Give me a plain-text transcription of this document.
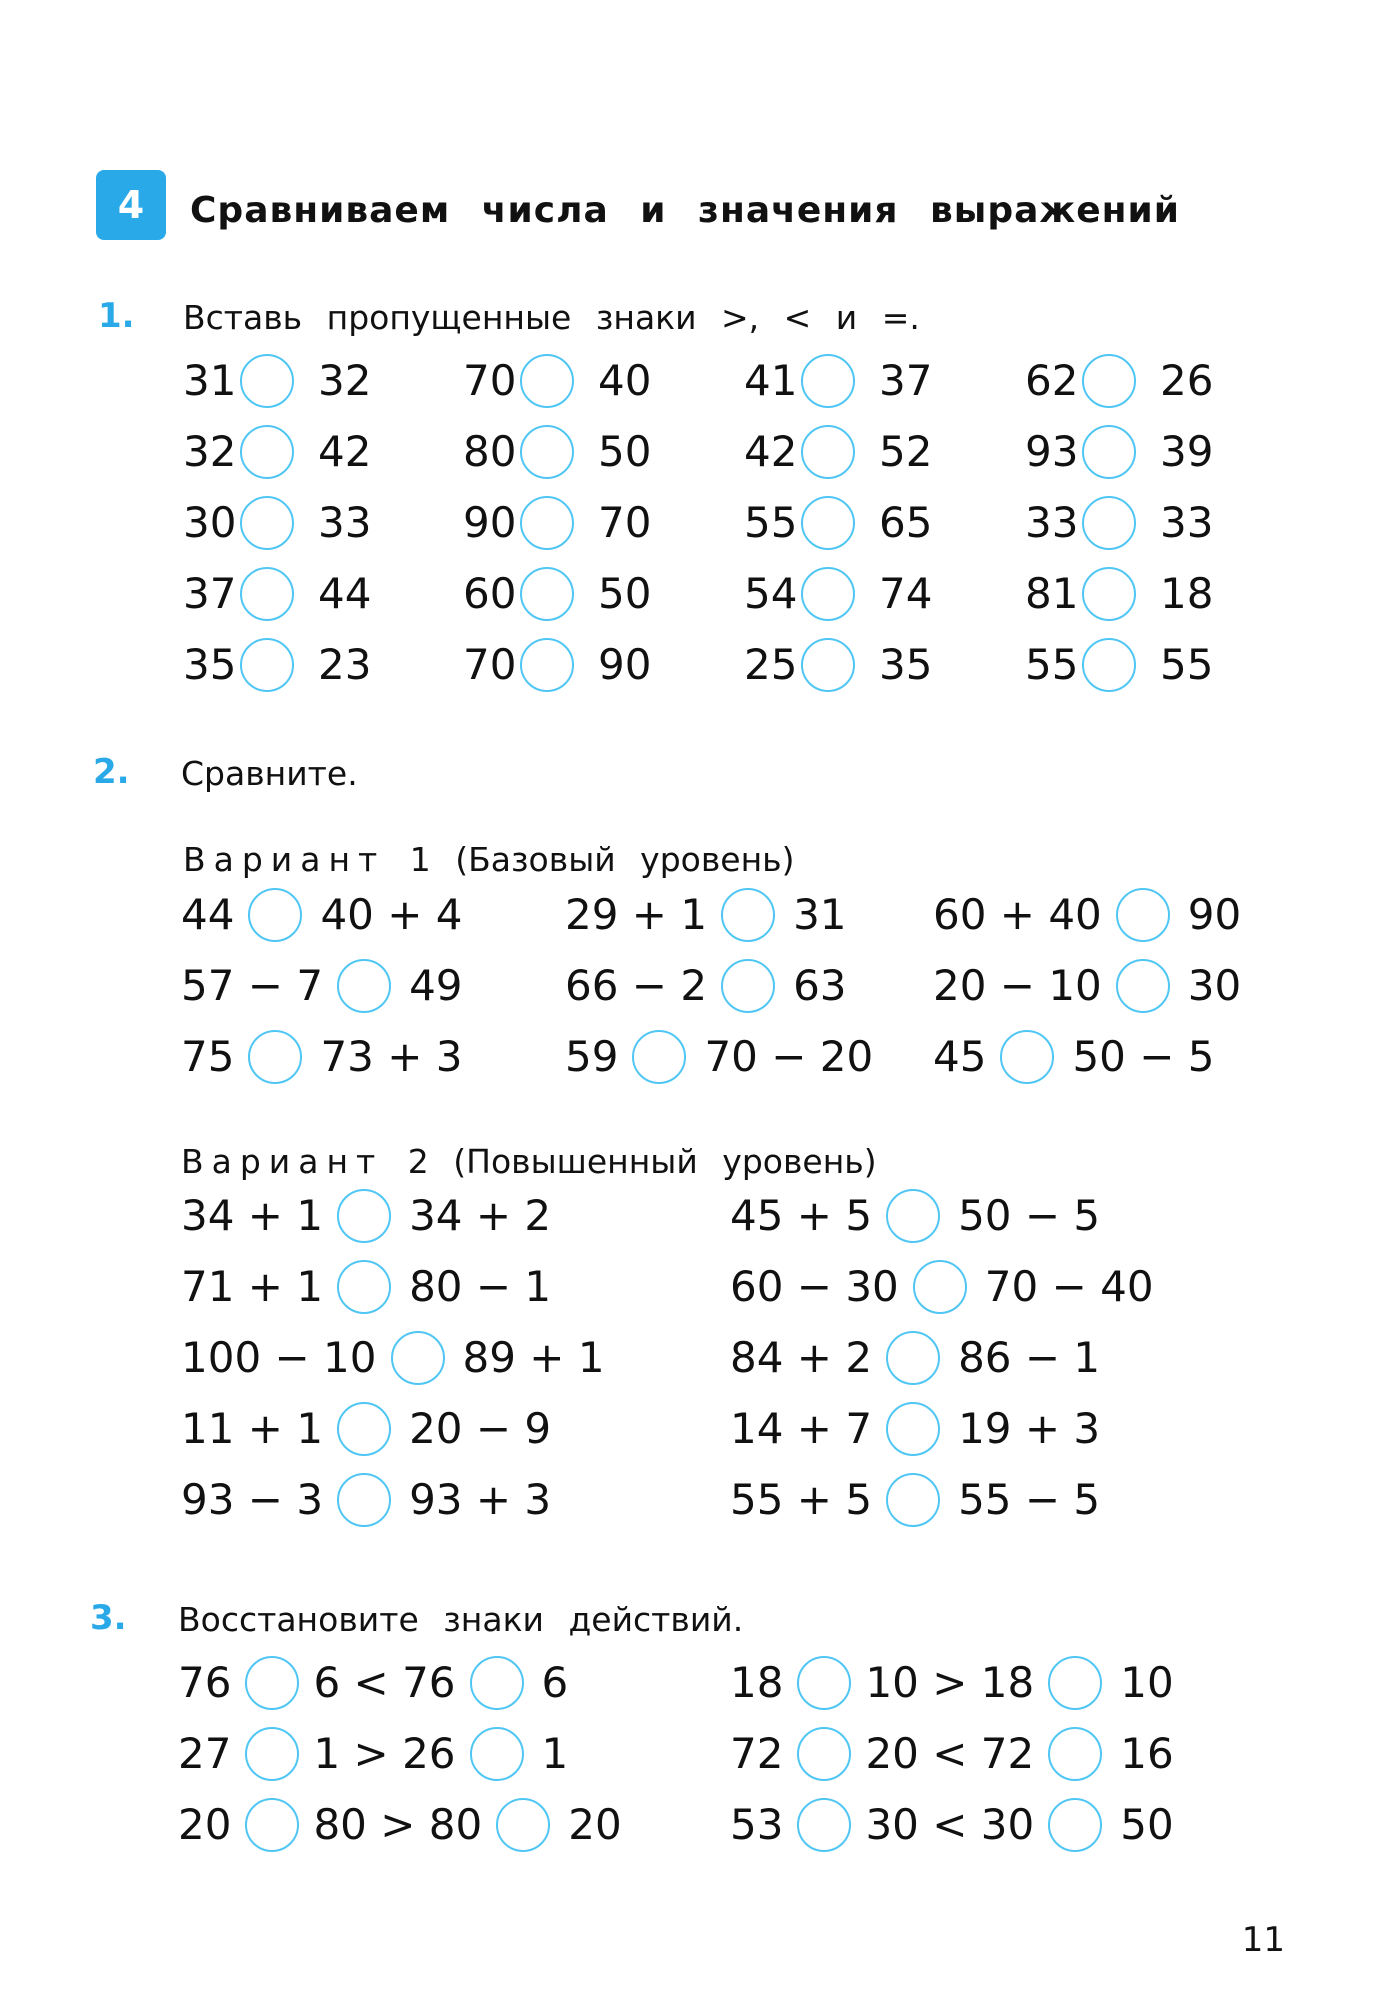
4	Сравниваем числа и значения выражений
1. Вставь пропущенные знаки >, < и =.
31 32
32 42
30 33
37 44
35 23
70 40
80 50
90 70
60 50
70 90
41 37
42 52
55 65
54 74
25 35
62 26
93 39
33 33
81 18
55 55
2. Сравните.
Вариант 1 (Базовый уровень)
44 40 + 4
57 − 7 49
75 73 + 3
29 + 1 31
66 − 2 63
59 70 − 20
60 + 40 90
20 − 10 30
45 50 − 5
Вариант 2 (Повышенный уровень)
34 + 1 34 + 2
71 + 1 80 − 1
100 − 10 89 + 1
11 + 1 20 − 9
93 − 3 93 + 3
45 + 5 50 − 5
60 − 30 70 − 40
84 + 2 86 − 1
14 + 7 19 + 3
55 + 5 55 − 5
3. Восстановите знаки действий.
76 6 < 76 6
27 1 > 26 1
20 80 > 80 20
18 10 > 18 10
72 20 < 72 16
53 30 < 30 50
11
